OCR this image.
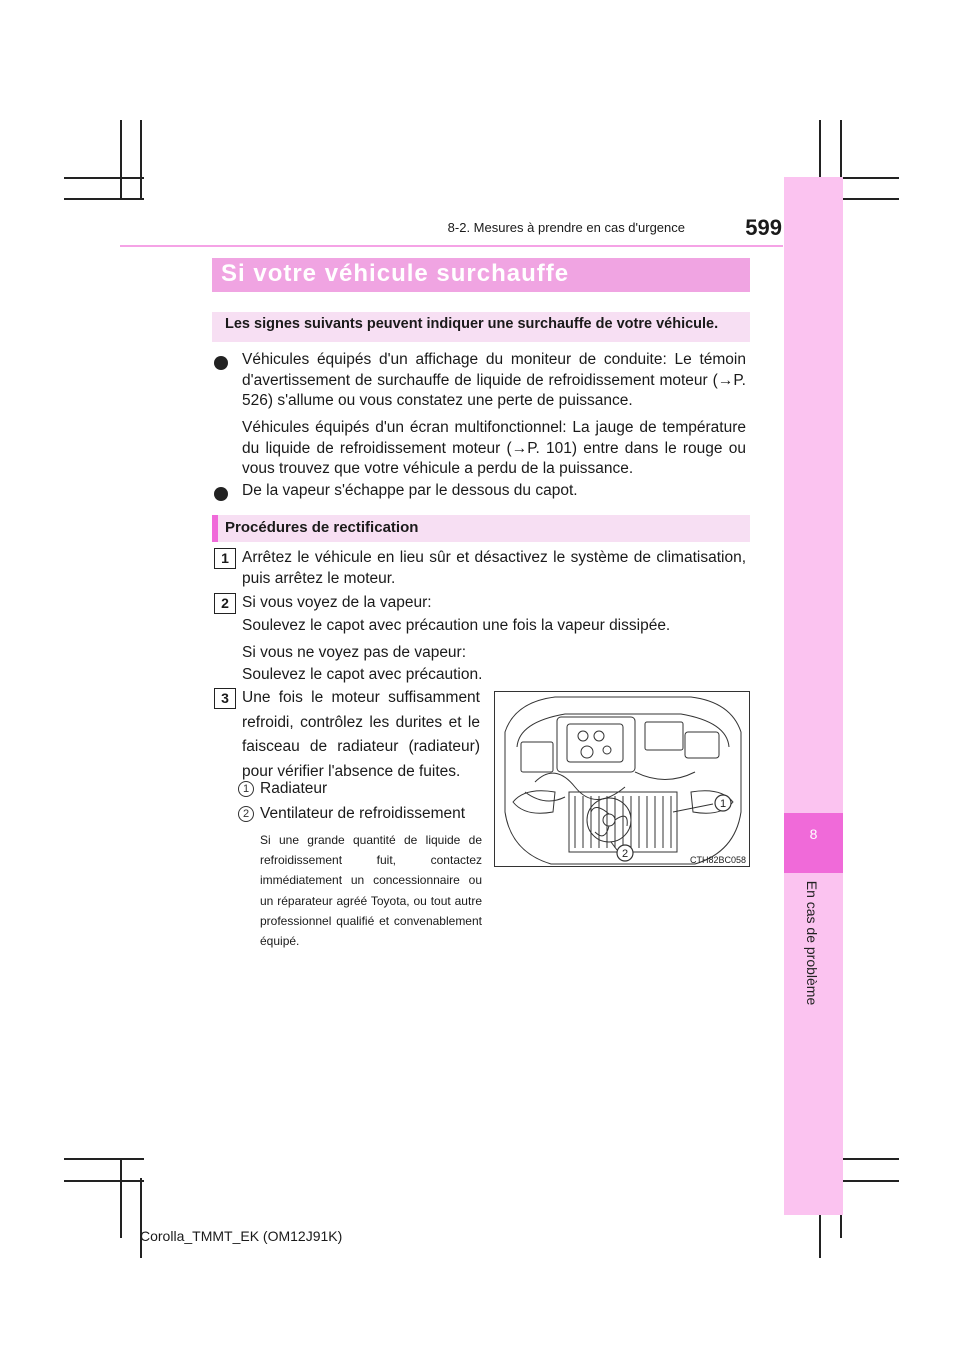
8
En cas de problème
8-2. Mesures à prendre en cas d'urgence	599
Si votre véhicule surchauffe
Les signes suivants peuvent indiquer une surchauffe de votre véhicule.
Véhicules équipés d'un affichage du moniteur de conduite: Le témoin d'avertissement de surchauffe de liquide de refroidissement moteur (→P. 526) s'allume ou vous constatez une perte de puissance.
Véhicules équipés d'un écran multifonctionnel: La jauge de température du liquide de refroidissement moteur (→P. 101) entre dans le rouge ou vous trouvez que votre véhicule a perdu de la puissance.
De la vapeur s'échappe par le dessous du capot.
Procédures de rectification
1 Arrêtez le véhicule en lieu sûr et désactivez le système de climatisation, puis arrêtez le moteur.
2 Si vous voyez de la vapeur:
Soulevez le capot avec précaution une fois la vapeur dissipée.
Si vous ne voyez pas de vapeur:
Soulevez le capot avec précaution.
3 Une fois le moteur suffisamment refroidi, contrôlez les durites et le faisceau de radiateur (radiateur) pour vérifier l'absence de fuites.
1 Radiateur
2 Ventilateur de refroidissement
Si une grande quantité de liquide de refroidissement fuit, contactez immédiatement un concessionnaire ou un réparateur agréé Toyota, ou tout autre professionnel qualifié et convenablement équipé.
1
2	CTH82BC058
Corolla_TMMT_EK (OM12J91K)
